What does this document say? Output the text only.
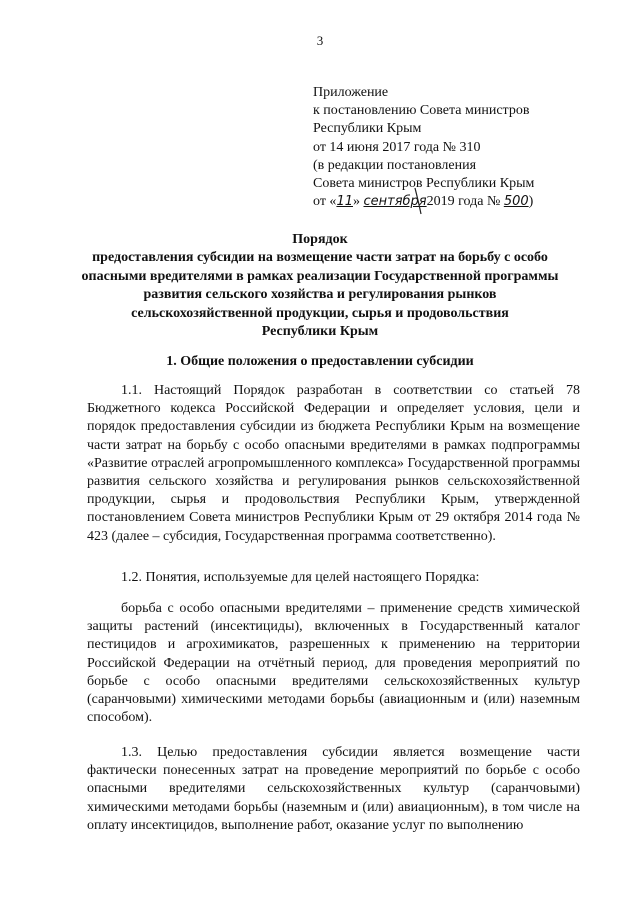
3
Приложение
к постановлению Совета министров
Республики Крым
от 14 июня 2017 года № 310
(в редакции постановления
Совета министров Республики Крым
от «11» сентября2019 года № 500)
Порядок
предоставления субсидии на возмещение части затрат на борьбу с особо
опасными вредителями в рамках реализации Государственной программы
развития сельского хозяйства и регулирования рынков
сельскохозяйственной продукции, сырья и продовольствия
Республики Крым
1. Общие положения о предоставлении субсидии

1.1. Настоящий Порядок разработан в соответствии со статьей 78 Бюджетного кодекса Российской Федерации и определяет условия, цели и порядок предоставления субсидии из бюджета Республики Крым на возмещение части затрат на борьбу с особо опасными вредителями в рамках подпрограммы «Развитие отраслей агропромышленного комплекса» Государственной программы развития сельского хозяйства и регулирования рынков сельскохозяйственной продукции, сырья и продовольствия Республики Крым, утвержденной постановлением Совета министров Республики Крым от 29 октября 2014 года № 423 (далее – субсидия, Государственная программа соответственно).

1.2. Понятия, используемые для целей настоящего Порядка:

борьба с особо опасными вредителями – применение средств химической защиты растений (инсектициды), включенных в Государственный каталог пестицидов и агрохимикатов, разрешенных к применению на территории Российской Федерации на отчётный период, для проведения мероприятий по борьбе с особо опасными вредителями сельскохозяйственных культур (саранчовыми) химическими методами борьбы (авиационным и (или) наземным способом).

1.3. Целью предоставления субсидии является возмещение части фактически понесенных затрат на проведение мероприятий по борьбе с особо опасными вредителями сельскохозяйственных культур (саранчовыми) химическими методами борьбы (наземным и (или) авиационным), в том числе на оплату инсектицидов, выполнение работ, оказание услуг по выполнению
